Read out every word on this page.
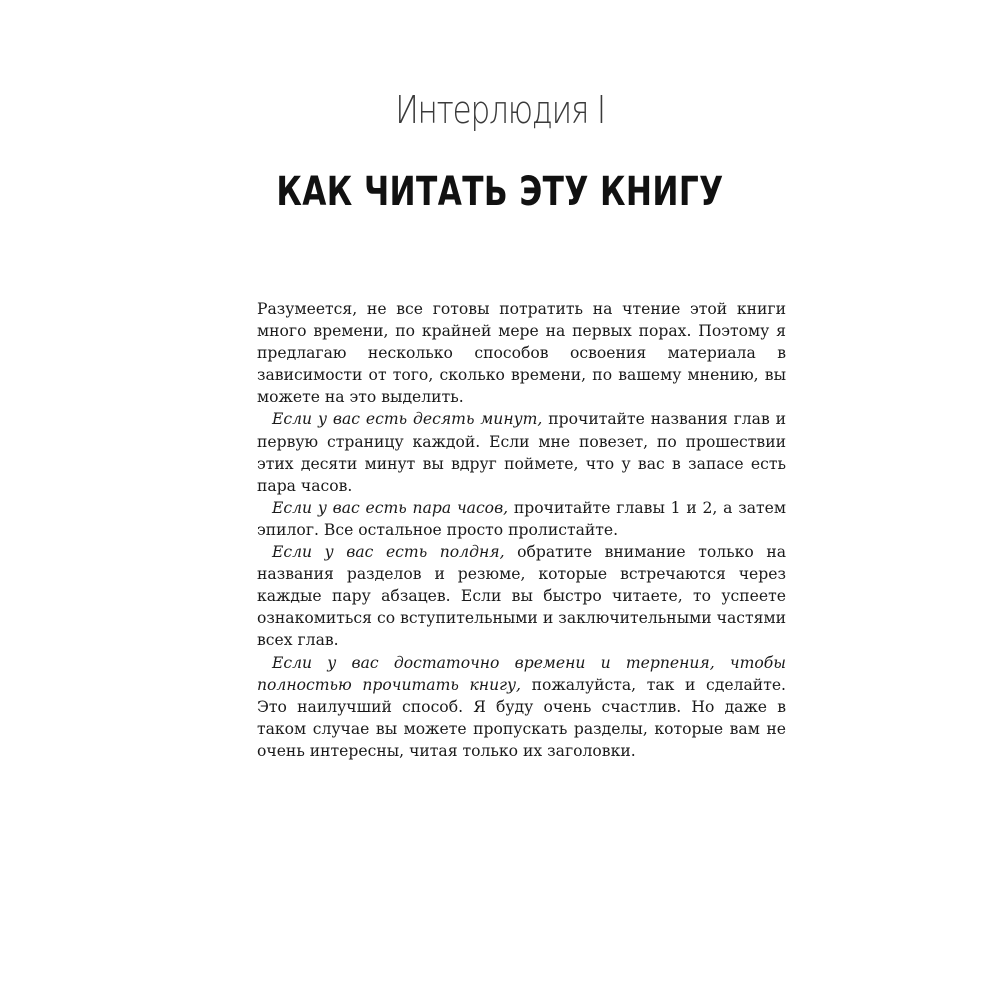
Интерлюдия I
КАК ЧИТАТЬ ЭТУ КНИГУ

Разумеется, не все готовы потратить на чтение этой книги много времени, по крайней мере на первых порах. Поэтому я предлагаю несколько способов освоения материала в зависимости от того, сколько времени, по вашему мнению, вы можете на это выделить.

Если у вас есть десять минут, прочитайте названия глав и первую страницу каждой. Если мне повезет, по прошествии этих десяти минут вы вдруг поймете, что у вас в запасе есть пара часов.

Если у вас есть пара часов, прочитайте главы 1 и 2, а затем эпилог. Все остальное просто пролистайте.

Если у вас есть полдня, обратите внимание только на названия разделов и резюме, которые встречаются через каждые пару абзацев. Если вы быстро читаете, то успеете ознакомиться со вступительными и заключительными частями всех глав.

Если у вас достаточно времени и терпения, чтобы полностью прочитать книгу, пожалуйста, так и сделайте. Это наилучший способ. Я буду очень счастлив. Но даже в таком случае вы можете пропускать разделы, которые вам не очень интересны, читая только их заголовки.
